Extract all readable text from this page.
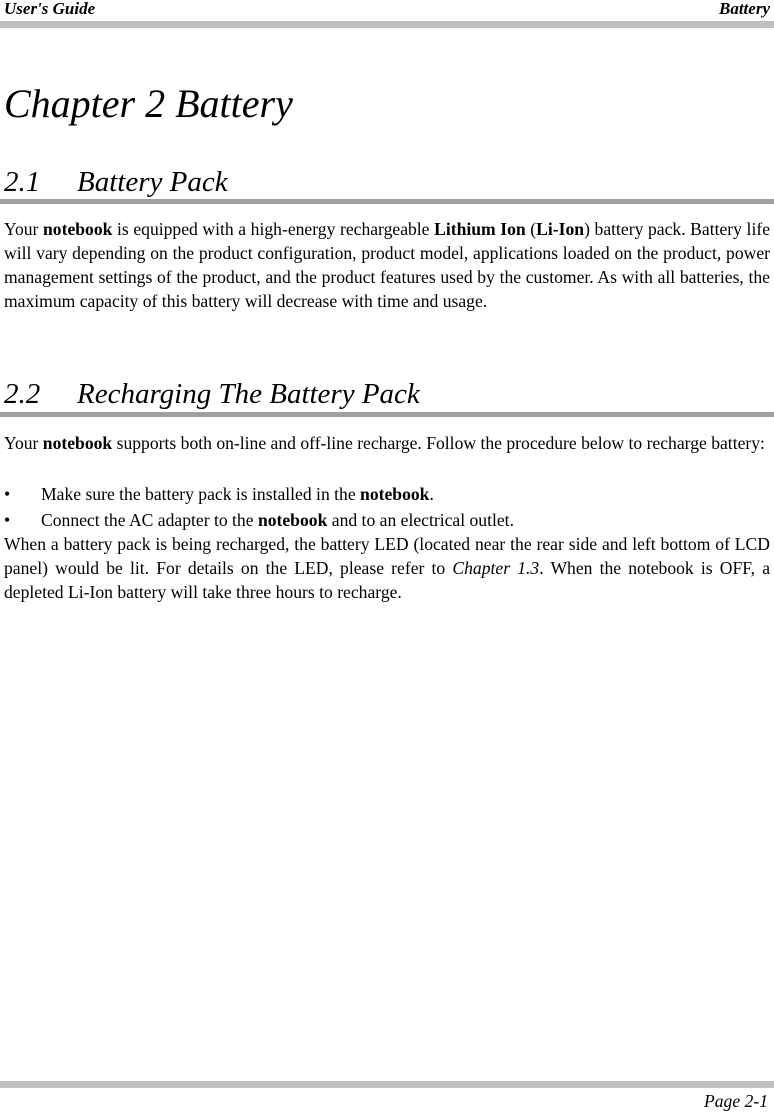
User's Guide	Battery
Chapter 2 Battery
2.1 Battery Pack

Your notebook is equipped with a high-energy rechargeable Lithium Ion (Li-Ion) battery pack. Battery life will vary depending on the product configuration, product model, applications loaded on the product, power management settings of the product, and the product features used by the customer. As with all batteries, the maximum capacity of this battery will decrease with time and usage.

2.2 Recharging The Battery Pack

Your notebook supports both on-line and off-line recharge. Follow the procedure below to recharge battery:

•	Make sure the battery pack is installed in the notebook.
•	Connect the AC adapter to the notebook and to an electrical outlet.

When a battery pack is being recharged, the battery LED (located near the rear side and left bottom of LCD panel) would be lit. For details on the LED, please refer to Chapter 1.3. When the notebook is OFF, a depleted Li-Ion battery will take three hours to recharge.

Page 2-1
